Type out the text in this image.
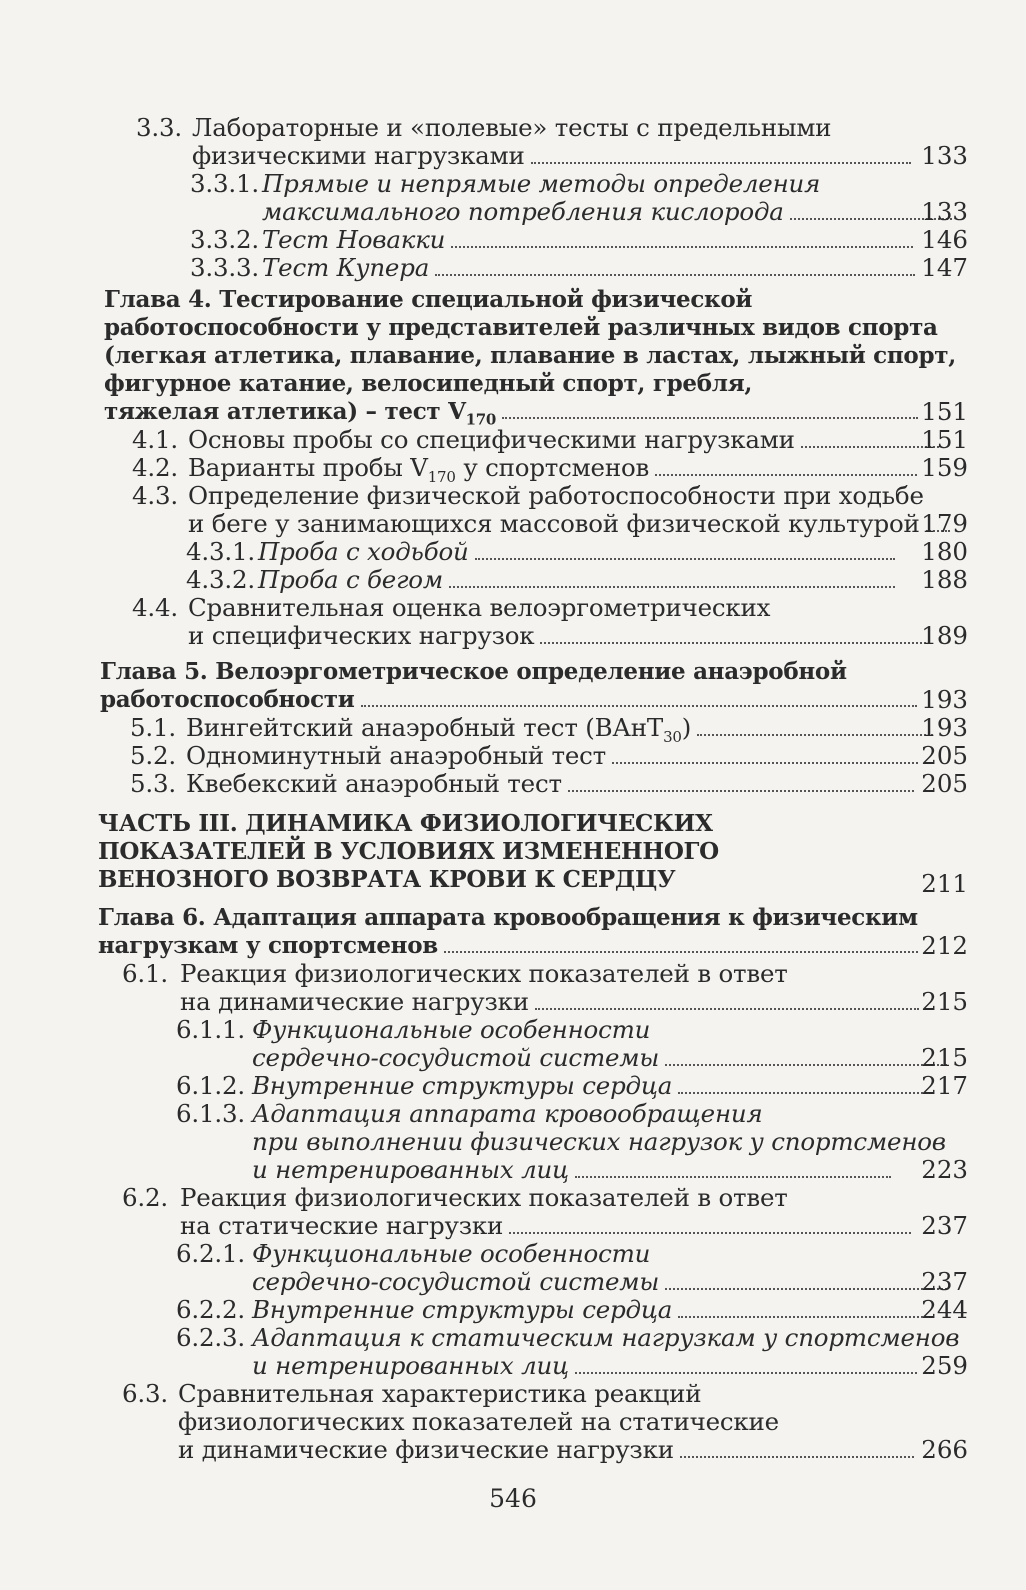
3.3. Лабораторные и «полевые» тесты с предельными
физическими нагрузками	133
3.3.1. Прямые и непрямые методы определения
максимального потребления кислорода	133
3.3.2. Тест Новакки	146
3.3.3. Тест Купера	147
Глава 4. Тестирование специальной физической
работоспособности у представителей различных видов спорта
(легкая атлетика, плавание, плавание в ластах, лыжный спорт,
фигурное катание, велосипедный спорт, гребля,
тяжелая атлетика) – тест $V_{170}$	151
4.1. Основы пробы со специфическими нагрузками	151
4.2. Варианты пробы $V_{170}$ у спортсменов	159
4.3. Определение физической работоспособности при ходьбе
и беге у занимающихся массовой физической культурой 179
4.3.1. Проба с ходьбой	180
4.3.2. Проба с бегом	188
4.4. Сравнительная оценка велоэргометрических
и специфических нагрузок	189
Глава 5. Велоэргометрическое определение анаэробной
работоспособности	193
5.1. Вингейтский анаэробный тест (ВАнТ$_{30}$)	193
5.2. Одноминутный анаэробный тест	205
5.3. Квебекский анаэробный тест	205
ЧАСТЬ III. ДИНАМИКА ФИЗИОЛОГИЧЕСКИХ
ПОКАЗАТЕЛЕЙ В УСЛОВИЯХ ИЗМЕНЕННОГО
ВЕНОЗНОГО ВОЗВРАТА КРОВИ К СЕРДЦУ	211
Глава 6. Адаптация аппарата кровообращения к физическим
нагрузкам у спортсменов	212
6.1. Реакция физиологических показателей в ответ
на динамические нагрузки	215
6.1.1. Функциональные особенности
сердечно-сосудистой системы	215
6.1.2. Внутренние структуры сердца	217
6.1.3. Адаптация аппарата кровообращения
при выполнении физических нагрузок у спортсменов
и нетренированных лиц	223
6.2. Реакция физиологических показателей в ответ
на статические нагрузки	237
6.2.1. Функциональные особенности
сердечно-сосудистой системы	237
6.2.2. Внутренние структуры сердца	244
6.2.3. Адаптация к статическим нагрузкам у спортсменов
и нетренированных лиц	259
6.3. Сравнительная характеристика реакций
физиологических показателей на статические
и динамические физические нагрузки	266
546
